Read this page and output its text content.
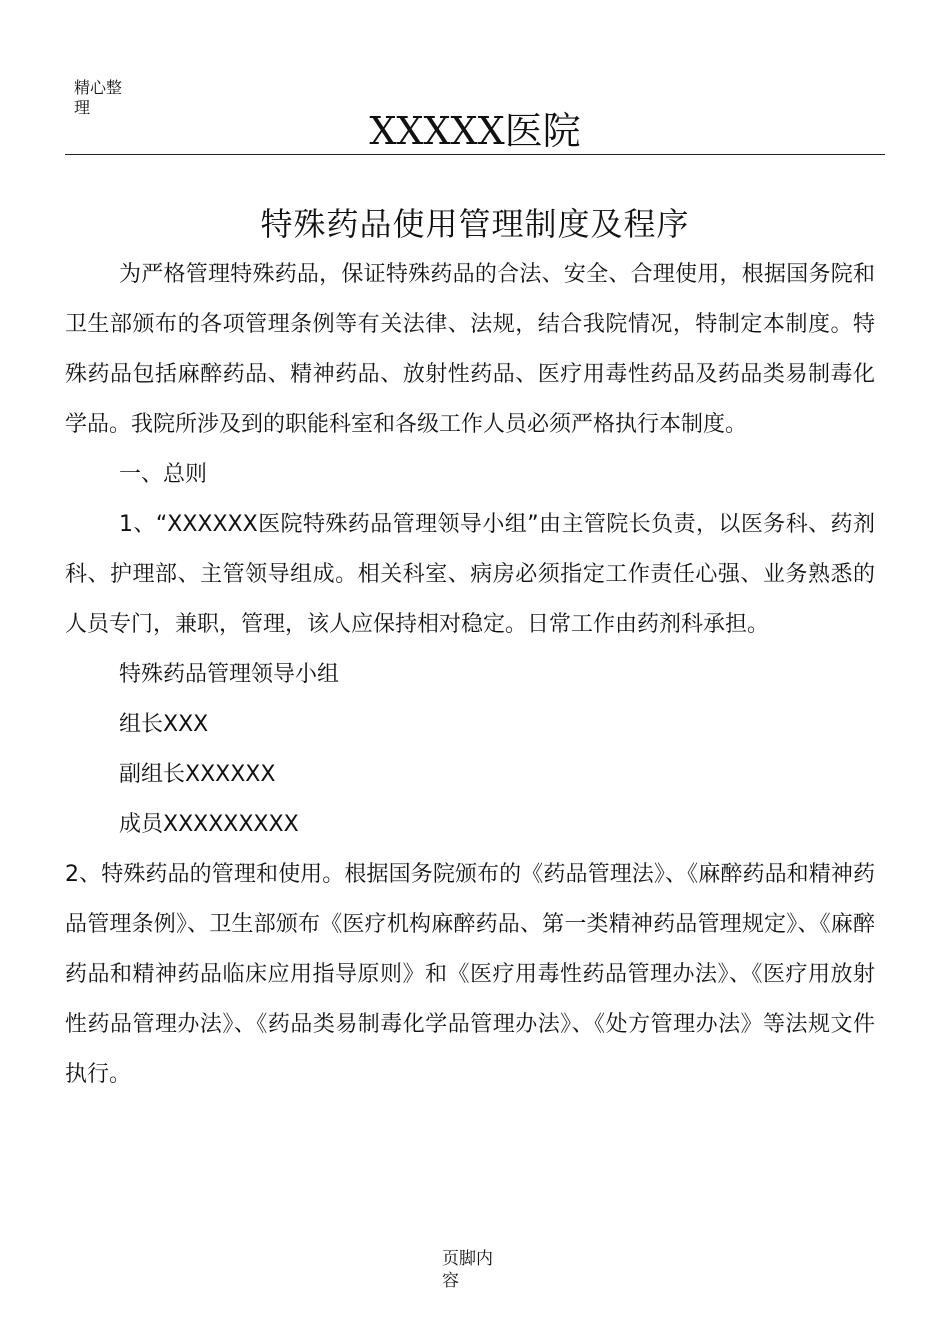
精心整理
XXXXX医院
特殊药品使用管理制度及程序

为严格管理特殊药品，保证特殊药品的合法、安全、合理使用，根据国务院和卫生部颁布的各项管理条例等有关法律、法规，结合我院情况，特制定本制度。特殊药品包括麻醉药品、精神药品、放射性药品、医疗用毒性药品及药品类易制毒化学品。我院所涉及到的职能科室和各级工作人员必须严格执行本制度。

一、总则

1、“XXXXXX医院特殊药品管理领导小组”由主管院长负责，以医务科、药剂科、护理部、主管领导组成。相关科室、病房必须指定工作责任心强、业务熟悉的人员专门，兼职，管理，该人应保持相对稳定。日常工作由药剂科承担。

特殊药品管理领导小组

组长XXX

副组长XXXXXX

成员XXXXXXXXX

2、特殊药品的管理和使用。根据国务院颁布的《药品管理法》、《麻醉药品和精神药品管理条例》、卫生部颁布《医疗机构麻醉药品、第一类精神药品管理规定》、《麻醉药品和精神药品临床应用指导原则》和《医疗用毒性药品管理办法》、《医疗用放射性药品管理办法》、《药品类易制毒化学品管理办法》、《处方管理办法》等法规文件执行。

页脚内容
